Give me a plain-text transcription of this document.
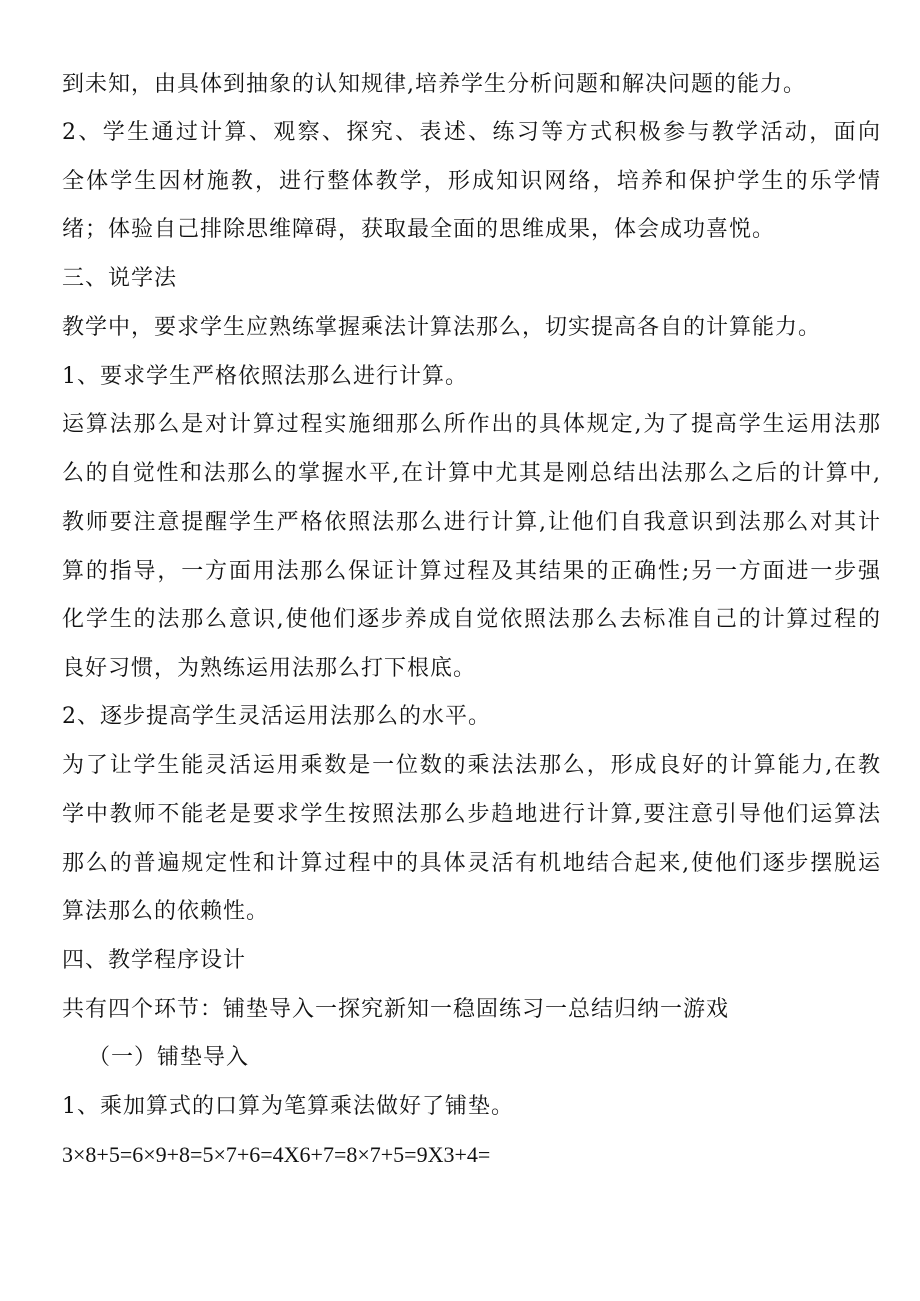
到未知，由具体到抽象的认知规律,培养学生分析问题和解决问题的能力。
2、学生通过计算、观察、探究、表述、练习等方式积极参与教学活动，面向
全体学生因材施教，进行整体教学，形成知识网络，培养和保护学生的乐学情
绪；体验自己排除思维障碍，获取最全面的思维成果，体会成功喜悦。
三、说学法
教学中，要求学生应熟练掌握乘法计算法那么，切实提高各自的计算能力。
1、要求学生严格依照法那么进行计算。
运算法那么是对计算过程实施细那么所作出的具体规定,为了提高学生运用法那
么的自觉性和法那么的掌握水平,在计算中尤其是刚总结出法那么之后的计算中,
教师要注意提醒学生严格依照法那么进行计算,让他们自我意识到法那么对其计
算的指导，一方面用法那么保证计算过程及其结果的正确性;另一方面进一步强
化学生的法那么意识,使他们逐步养成自觉依照法那么去标准自己的计算过程的
良好习惯，为熟练运用法那么打下根底。
2、逐步提高学生灵活运用法那么的水平。
为了让学生能灵活运用乘数是一位数的乘法法那么，形成良好的计算能力,在教
学中教师不能老是要求学生按照法那么步趋地进行计算,要注意引导他们运算法
那么的普遍规定性和计算过程中的具体灵活有机地结合起来,使他们逐步摆脱运
算法那么的依赖性。
四、教学程序设计
共有四个环节：铺垫导入一探究新知一稳固练习一总结归纳一游戏
（一）铺垫导入
1、乘加算式的口算为笔算乘法做好了铺垫。
3×8+5=6×9+8=5×7+6=4X6+7=8×7+5=9X3+4=
